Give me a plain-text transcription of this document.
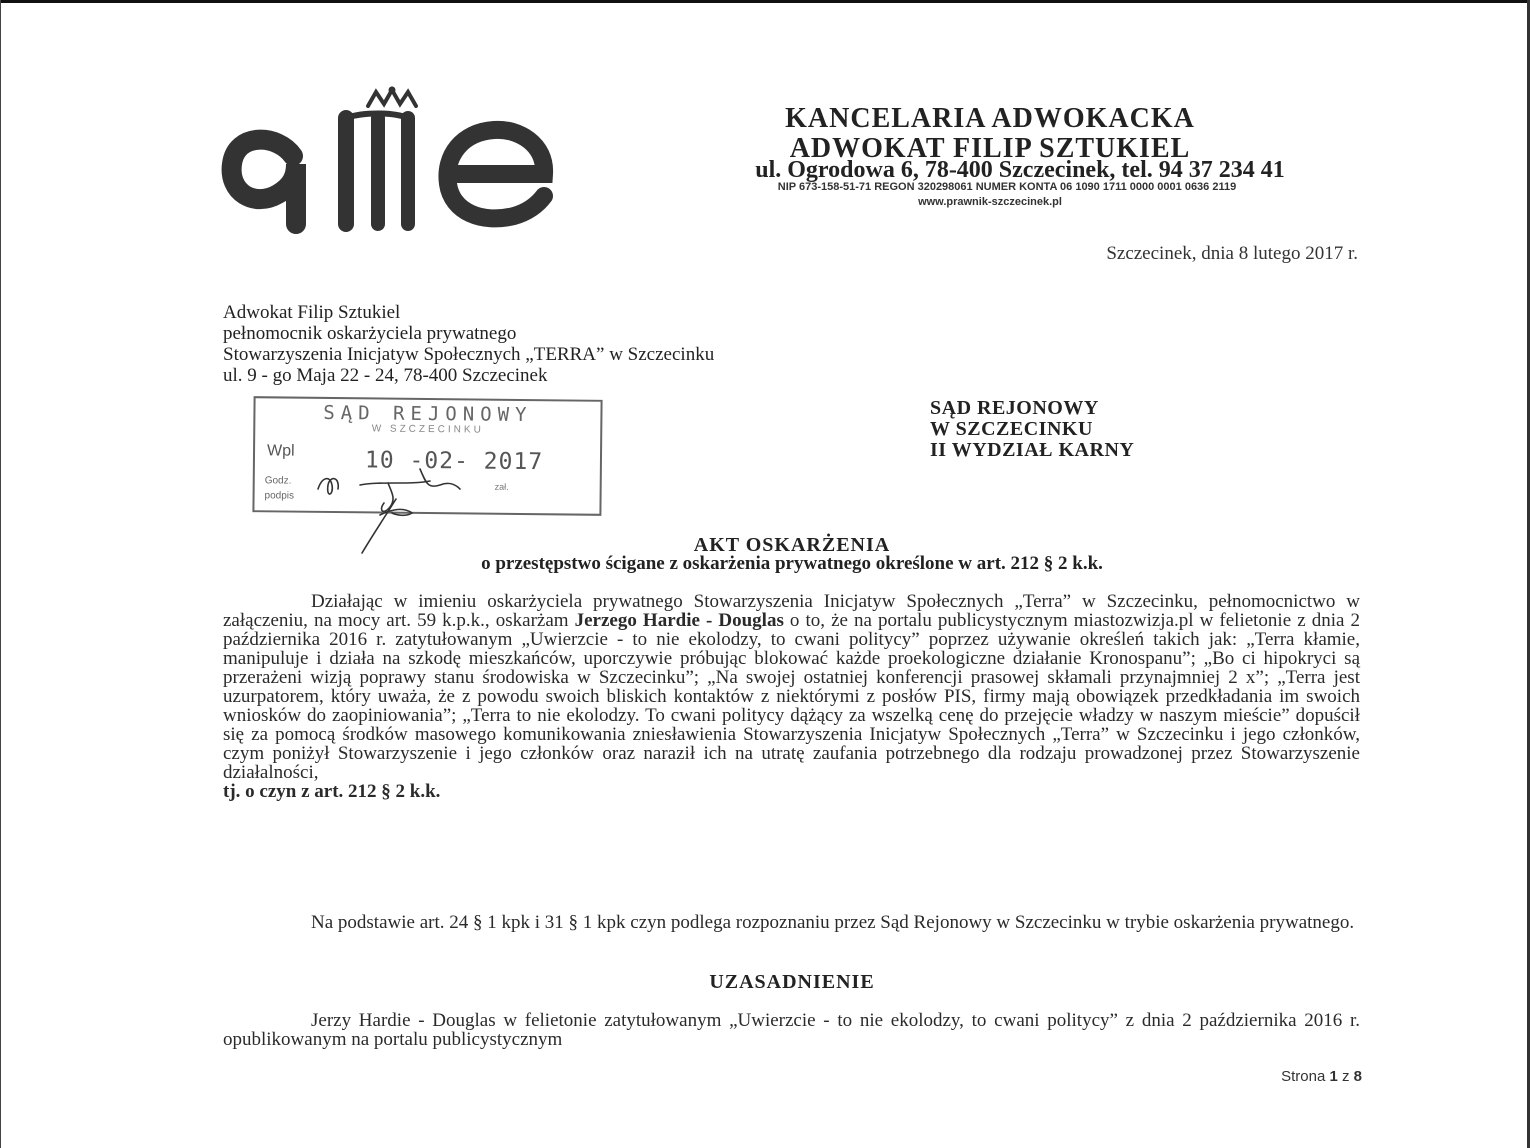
KANCELARIA ADWOKACKA
ADWOKAT FILIP SZTUKIEL
ul. Ogrodowa 6, 78-400 Szczecinek, tel. 94 37 234 41
NIP 673-158-51-71 REGON 320298061 NUMER KONTA 06 1090 1711 0000 0001 0636 2119
www.prawnik-szczecinek.pl
Szczecinek, dnia 8 lutego 2017 r.
Adwokat Filip Sztukiel
pełnomocnik oskarżyciela prywatnego
Stowarzyszenia Inicjatyw Społecznych „TERRA” w Szczecinku
ul. 9 - go Maja 22 - 24, 78-400 Szczecinek
SĄD REJONOWY
W SZCZECINKU
II WYDZIAŁ KARNY
SĄD REJONOWY
W SZCZECINKU
Wpl	10 -02- 2017
Godz.
podpis
zał.
AKT OSKARŻENIA
o przestępstwo ścigane z oskarżenia prywatnego określone w art. 212 § 2 k.k.
Działając w imieniu oskarżyciela prywatnego Stowarzyszenia Inicjatyw Społecznych „Terra” w Szczecinku, pełnomocnictwo w załączeniu, na mocy art. 59 k.p.k., oskarżam Jerzego Hardie - Douglas o to, że na portalu publicystycznym miastozwizja.pl w felietonie z dnia 2 października 2016 r. zatytułowanym „Uwierzcie - to nie ekolodzy, to cwani politycy” poprzez używanie określeń takich jak: „Terra kłamie, manipuluje i działa na szkodę mieszkańców, uporczywie próbując blokować każde proekologiczne działanie Kronospanu”; „Bo ci hipokryci są przerażeni wizją poprawy stanu środowiska w Szczecinku”; „Na swojej ostatniej konferencji prasowej skłamali przynajmniej 2 x”; „Terra jest uzurpatorem, który uważa, że z powodu swoich bliskich kontaktów z niektórymi z posłów PIS, firmy mają obowiązek przedkładania im swoich wniosków do zaopiniowania”; „Terra to nie ekolodzy. To cwani politycy dążący za wszelką cenę do przejęcie władzy w naszym mieście” dopuścił się za pomocą środków masowego komunikowania zniesławienia Stowarzyszenia Inicjatyw Społecznych „Terra” w Szczecinku i jego członków, czym poniżył Stowarzyszenie i jego członków oraz naraził ich na utratę zaufania potrzebnego dla rodzaju prowadzonej przez Stowarzyszenie działalności,
tj. o czyn z art. 212 § 2 k.k.
Na podstawie art. 24 § 1 kpk i 31 § 1 kpk czyn podlega rozpoznaniu przez Sąd Rejonowy w Szczecinku w trybie oskarżenia prywatnego.
UZASADNIENIE
Jerzy Hardie - Douglas w felietonie zatytułowanym „Uwierzcie - to nie ekolodzy, to cwani politycy” z dnia 2 października 2016 r. opublikowanym na portalu publicystycznym
Strona 1 z 8
